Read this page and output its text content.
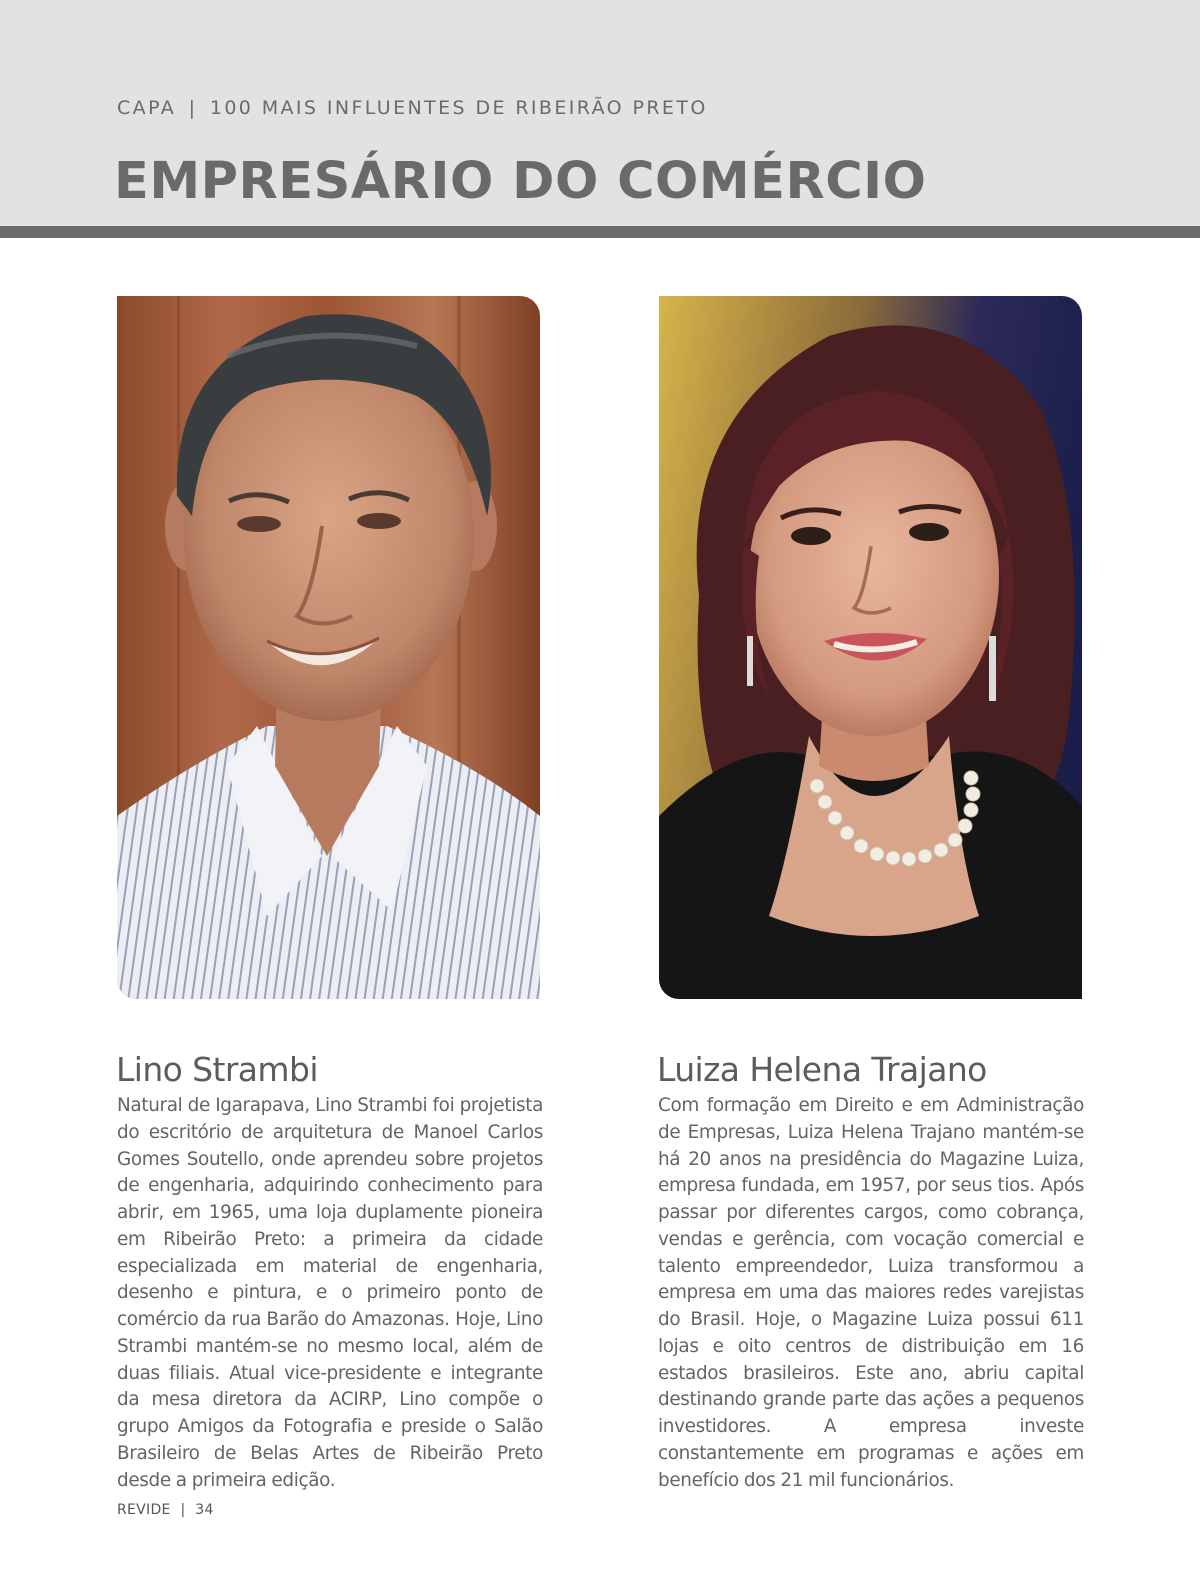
CAPA | 100 MAIS INFLUENTES DE RIBEIRÃO PRETO
EMPRESÁRIO DO COMÉRCIO
Lino Strambi

Natural de Igarapava, Lino Strambi foi projetista do escritório de arquitetura de Manoel Carlos Gomes Soutello, onde aprendeu sobre projetos de engenharia, adquirindo conhecimento para abrir, em 1965, uma loja duplamente pioneira em Ribeirão Preto: a primeira da cidade especializada em material de engenharia, desenho e pintura, e o primeiro ponto de comércio da rua Barão do Amazonas. Hoje, Lino Strambi mantém-se no mesmo local, além de duas filiais. Atual vice-presidente e integrante da mesa diretora da ACIRP, Lino compõe o grupo Amigos da Fotografia e preside o Salão Brasileiro de Belas Artes de Ribeirão Preto desde a primeira edição.

Luiza Helena Trajano

Com formação em Direito e em Administração de Empresas, Luiza Helena Trajano mantém-se há 20 anos na presidência do Magazine Luiza, empresa fundada, em 1957, por seus tios. Após passar por diferentes cargos, como cobrança, vendas e gerência, com vocação comercial e talento empreendedor, Luiza transformou a empresa em uma das maiores redes varejistas do Brasil. Hoje, o Magazine Luiza possui 611 lojas e oito centros de distribuição em 16 estados brasileiros. Este ano, abriu capital destinando grande parte das ações a pequenos investidores. A empresa investe constantemente em programas e ações em benefício dos 21 mil funcionários.

REVIDE | 34
